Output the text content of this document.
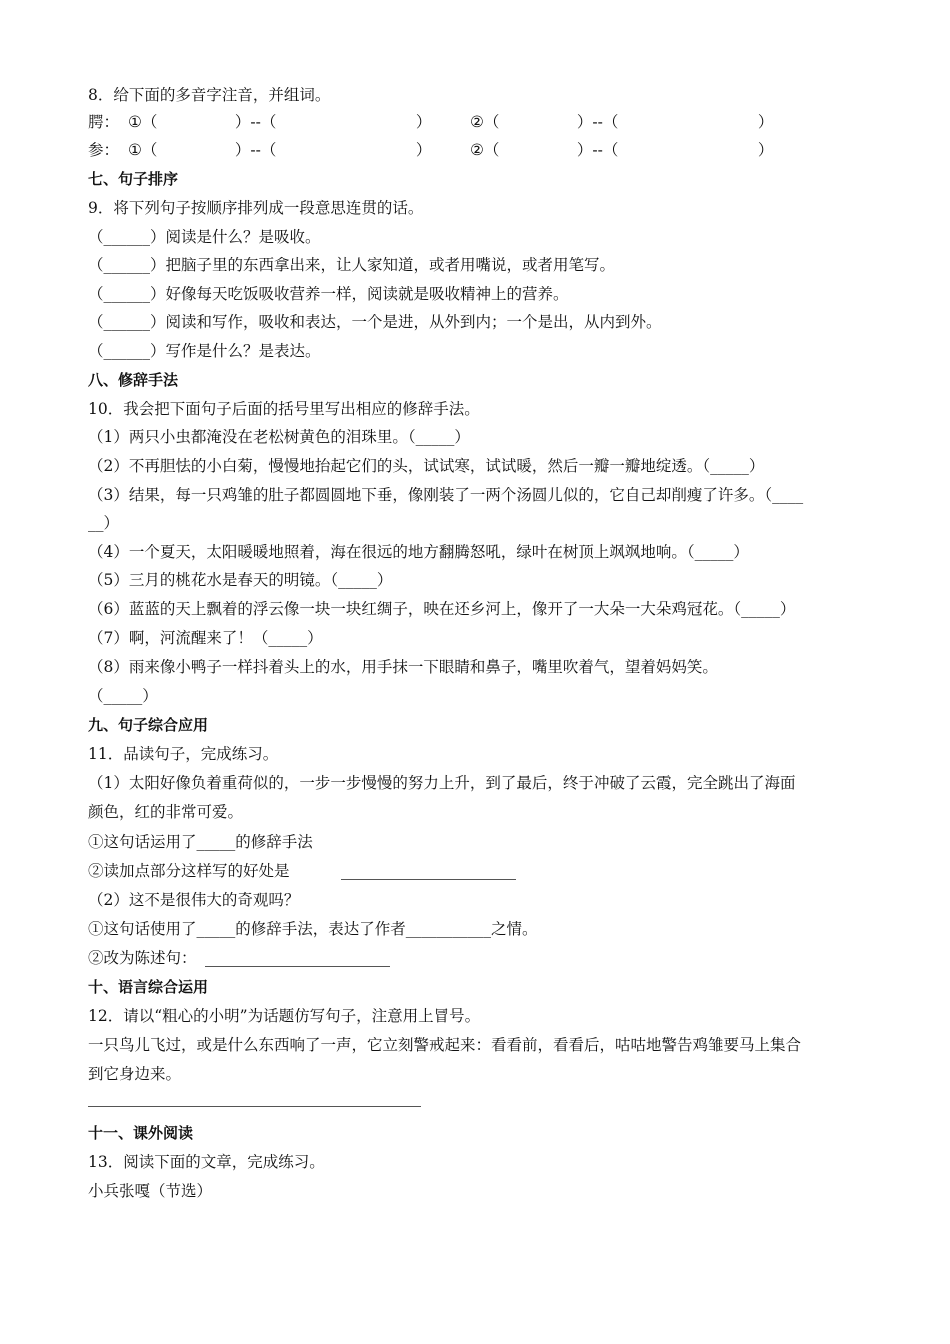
8．给下面的多音字注音，并组词。
腭： ①（　　　　　）--（　　　　　　　　　） ②（　　　　　）--（　　　　　　　　　）
参： ①（　　　　　）--（　　　　　　　　　） ②（　　　　　）--（　　　　　　　　　）
七、句子排序
9．将下列句子按顺序排列成一段意思连贯的话。
（______）阅读是什么？是吸收。
（______）把脑子里的东西拿出来，让人家知道，或者用嘴说，或者用笔写。
（______）好像每天吃饭吸收营养一样，阅读就是吸收精神上的营养。
（______）阅读和写作，吸收和表达，一个是进，从外到内；一个是出，从内到外。
（______）写作是什么？是表达。
八、修辞手法
10．我会把下面句子后面的括号里写出相应的修辞手法。
（1）两只小虫都淹没在老松树黄色的泪珠里。（_____）
（2）不再胆怯的小白菊，慢慢地抬起它们的头，试试寒，试试暖，然后一瓣一瓣地绽透。（_____）
（3）结果，每一只鸡雏的肚子都圆圆地下垂，像刚装了一两个汤圆儿似的，它自己却削瘦了许多。（____
__）
（4）一个夏天，太阳暖暖地照着，海在很远的地方翻腾怒吼，绿叶在树顶上飒飒地响。（_____）
（5）三月的桃花水是春天的明镜。（_____）
（6）蓝蓝的天上飘着的浮云像一块一块红绸子，映在还乡河上，像开了一大朵一大朵鸡冠花。（_____）
（7）啊，河流醒来了！（_____）
（8）雨来像小鸭子一样抖着头上的水，用手抹一下眼睛和鼻子，嘴里吹着气，望着妈妈笑。
（_____）
九、句子综合应用
11．品读句子，完成练习。
（1）太阳好像负着重荷似的，一步一步慢慢的努力上升，到了最后，终于冲破了云霞，完全跳出了海面
颜色，红的非常可爱。
①这句话运用了_____的修辞手法
②读加点部分这样写的好处是
（2）这不是很伟大的奇观吗？
①这句话使用了_____的修辞手法，表达了作者___________之情。
②改为陈述句：
十、语言综合运用
12．请以“粗心的小明”为话题仿写句子，注意用上冒号。
一只鸟儿飞过，或是什么东西响了一声，它立刻警戒起来：看看前，看看后，咕咕地警告鸡雏要马上集合
到它身边来。
十一、课外阅读
13．阅读下面的文章，完成练习。
小兵张嘎（节选）
